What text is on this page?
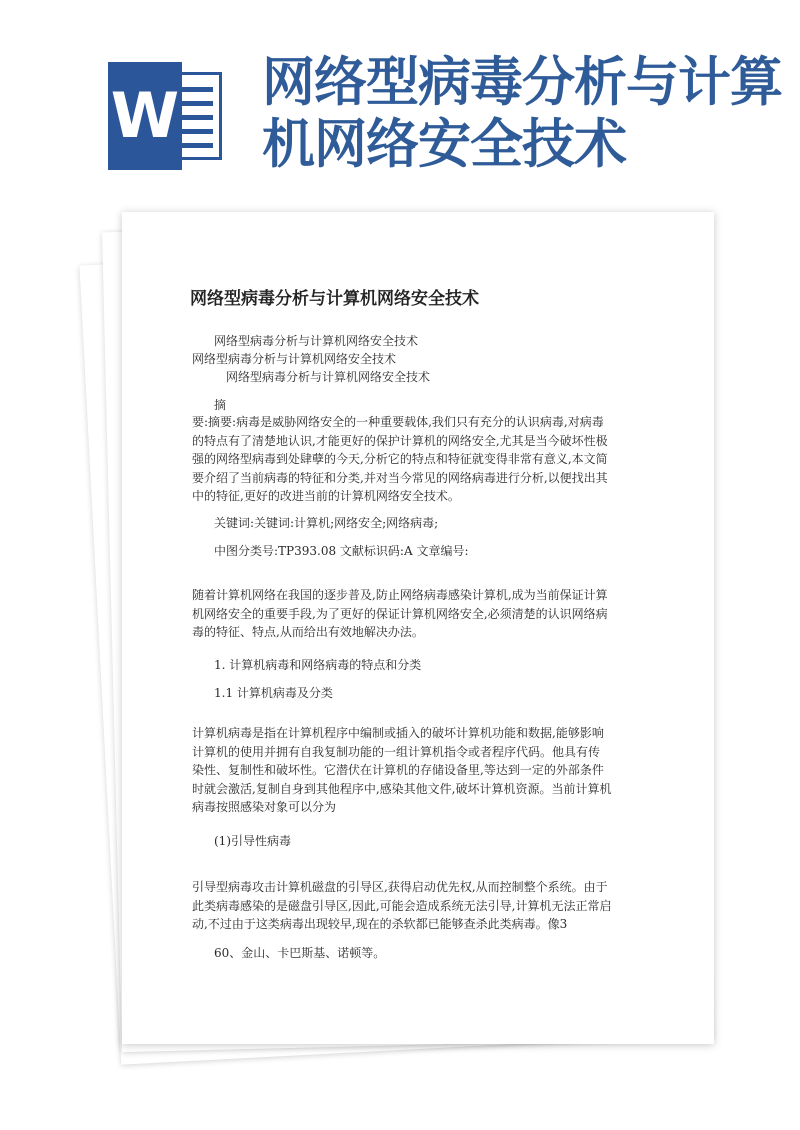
W 网络型病毒分析与计算机网络安全技术
网络型病毒分析与计算机网络安全技术
网络型病毒分析与计算机网络安全技术
网络型病毒分析与计算机网络安全技术
网络型病毒分析与计算机网络安全技术
摘
要:摘要:病毒是威胁网络安全的一种重要载体,我们只有充分的认识病毒,对病毒
的特点有了清楚地认识,才能更好的保护计算机的网络安全,尤其是当今破坏性极
强的网络型病毒到处肆孽的今天,分析它的特点和特征就变得非常有意义,本文简
要介绍了当前病毒的特征和分类,并对当今常见的网络病毒进行分析,以便找出其
中的特征,更好的改进当前的计算机网络安全技术。
关键词:关键词:计算机;网络安全;网络病毒;
中图分类号:TP393.08 文献标识码:A 文章编号:
随着计算机网络在我国的逐步普及,防止网络病毒感染计算机,成为当前保证计算
机网络安全的重要手段,为了更好的保证计算机网络安全,必须清楚的认识网络病
毒的特征、特点,从而给出有效地解决办法。
1. 计算机病毒和网络病毒的特点和分类
1.1 计算机病毒及分类
计算机病毒是指在计算机程序中编制或插入的破坏计算机功能和数据,能够影响
计算机的使用并拥有自我复制功能的一组计算机指令或者程序代码。他具有传
染性、复制性和破坏性。它潜伏在计算机的存储设备里,等达到一定的外部条件
时就会激活,复制自身到其他程序中,感染其他文件,破坏计算机资源。当前计算机
病毒按照感染对象可以分为
(1)引导性病毒
引导型病毒攻击计算机磁盘的引导区,获得启动优先权,从而控制整个系统。由于
此类病毒感染的是磁盘引导区,因此,可能会造成系统无法引导,计算机无法正常启
动,不过由于这类病毒出现较早,现在的杀软都已能够查杀此类病毒。像3
60、金山、卡巴斯基、诺顿等。
